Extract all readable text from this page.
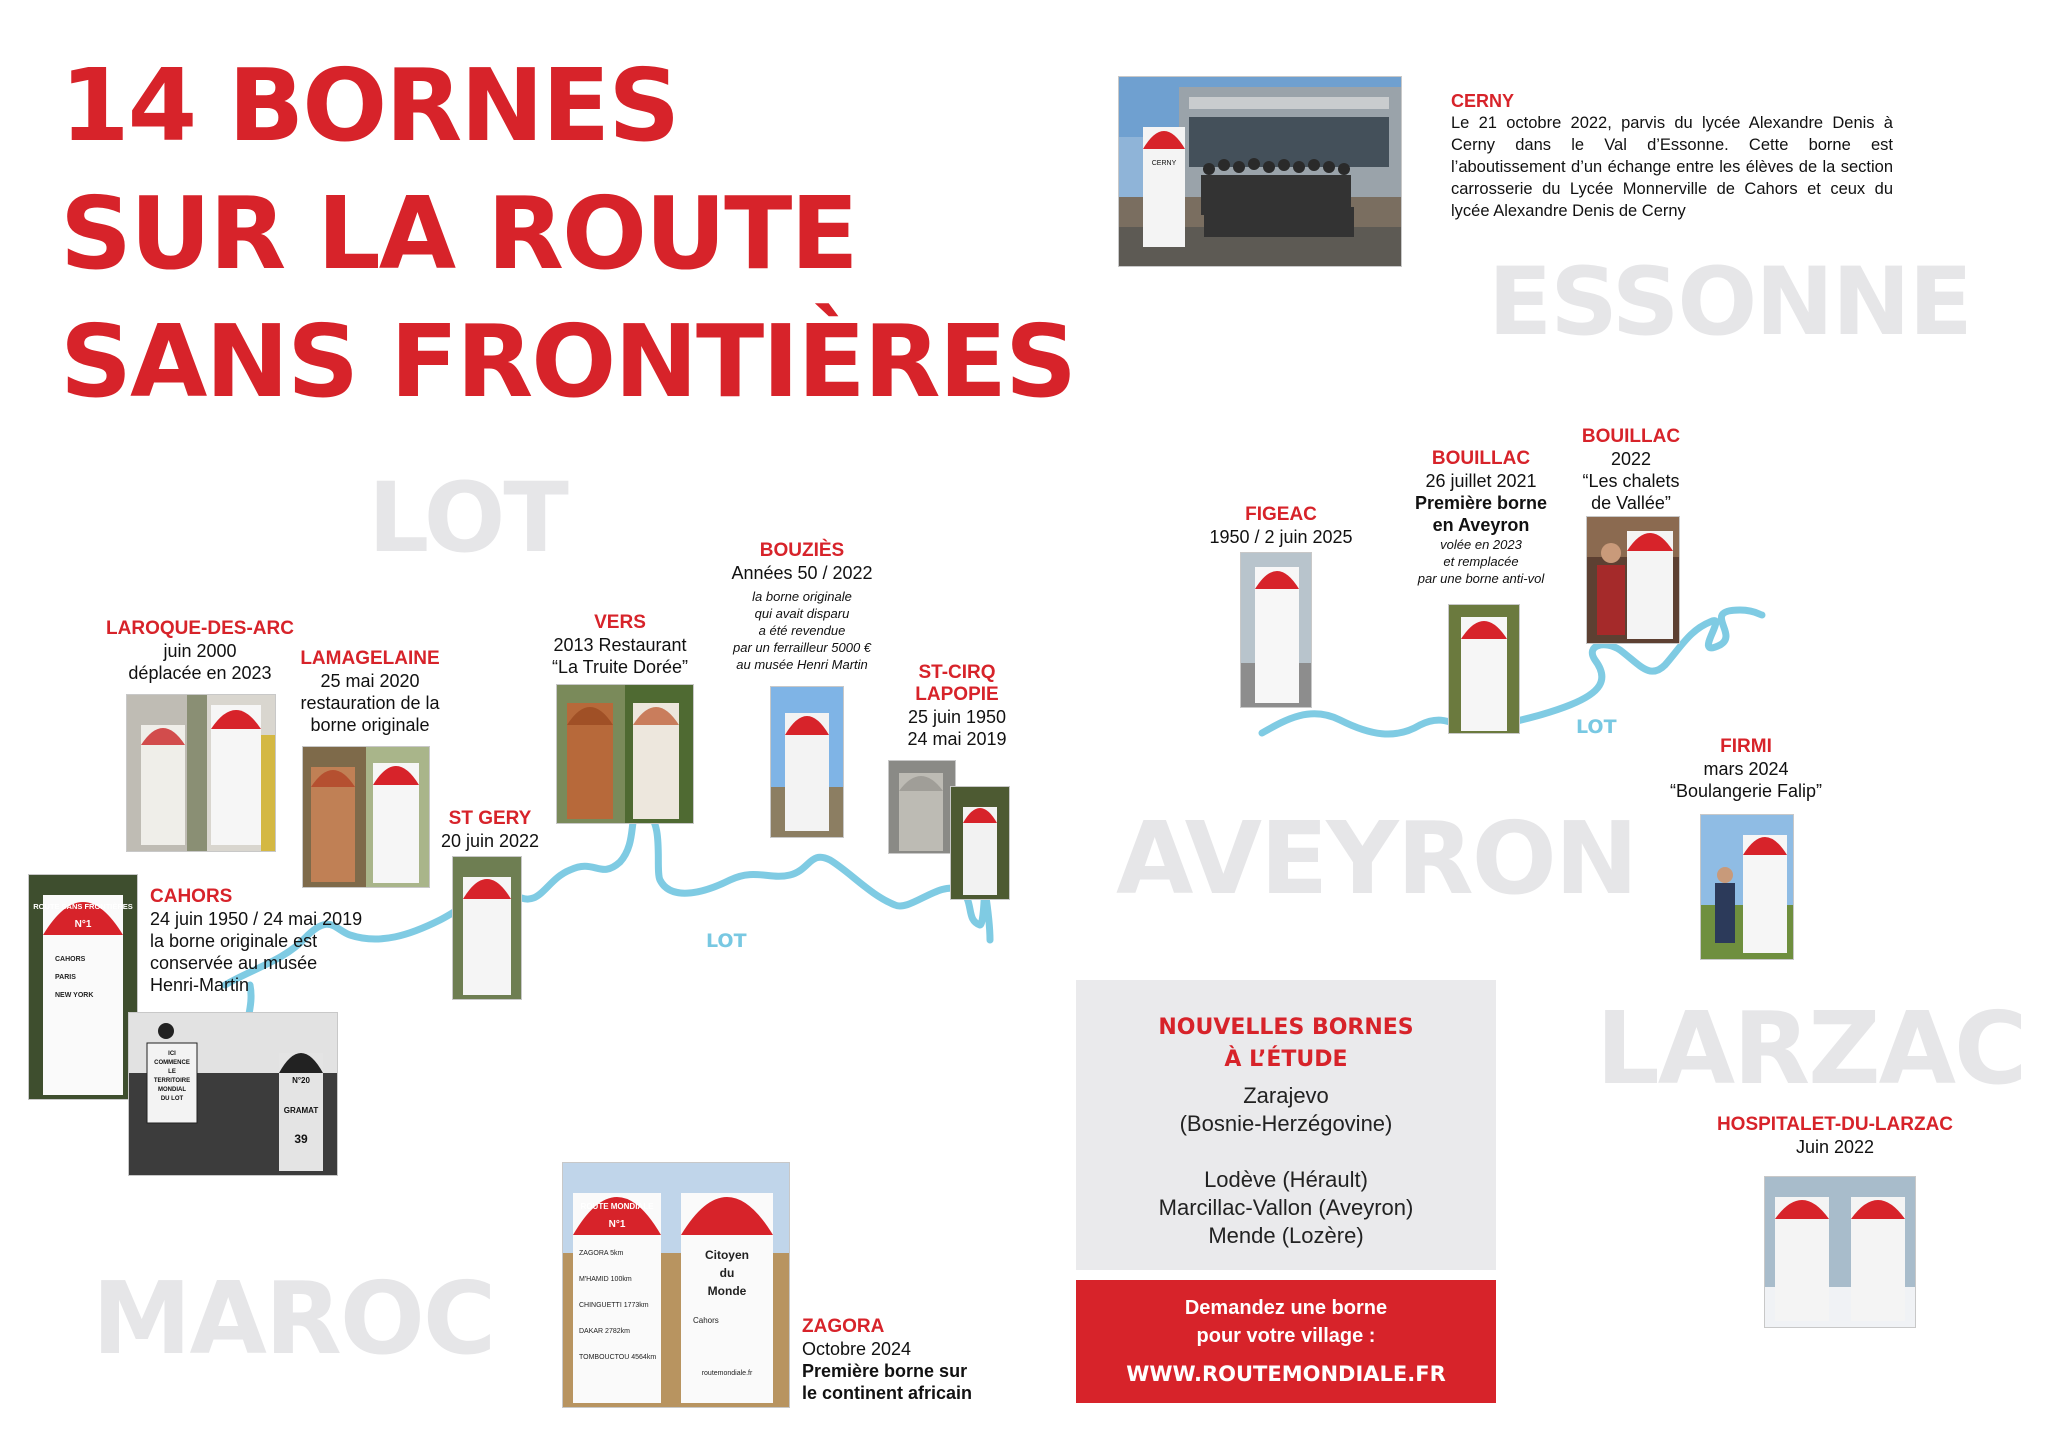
14 BORNES
SUR LA ROUTE
SANS FRONTIÈRES
LOT
ESSONNE
AVEYRON
LARZAC
MAROC
LOT
LOT
CERNY
CERNY
Le 21 octobre 2022, parvis du lycée Alexandre Denis à Cerny dans le Val d’Essonne. Cette borne est l’aboutissement d’un échange entre les élèves de la section carrosserie du Lycée Monnerville de Cahors et ceux du lycée Alexandre Denis de Cerny
LAROQUE-DES-ARC
juin 2000
déplacée en 2023
LAMAGELAINE
25 mai 2020
restauration de la
borne originale
VERS
2013 Restaurant
“La Truite Dorée”
BOUZIÈS
Années 50 / 2022
la borne originale
qui avait disparu
a été revendue
par un ferrailleur 5000 €
au musée Henri Martin	ST-CIRQ
LAPOPIE
25 juin 1950
24 mai 2019
ST GERY
20 juin 2022
ROUTE SANS FRONTIÈRES
N°1
CAHORS
PARIS
NEW YORK
CAHORS
24 juin 1950 / 24 mai 2019
la borne originale est
conservée au musée
Henri-Martin
ICI
COMMENCE
LE
TERRITOIRE
MONDIAL
DU LOT
N°20
GRAMAT
39
FIGEAC
1950 / 2 juin 2025
BOUILLAC
26 juillet 2021
Première borne
en Aveyron
volée en 2023
et remplacée
par une borne anti-vol
BOUILLAC
2022
“Les chalets
de Vallée”
FIRMI
mars 2024
“Boulangerie Falip”
HOSPITALET-DU-LARZAC
Juin 2022
ROUTE MONDIALE
N°1
ZAGORA 5km
M'HAMID 100km
CHINGUETTI 1773km
DAKAR 2782km
TOMBOUCTOU 4564km
Citoyen
du
Monde
Cahors
routemondiale.fr
ZAGORA
Octobre 2024
Première borne sur
le continent africain
NOUVELLES BORNES
À L’ÉTUDE
Zarajevo
(Bosnie-Herzégovine)
Lodève (Hérault)
Marcillac-Vallon (Aveyron)
Mende (Lozère)
Demandez une borne
pour votre village :
WWW.ROUTEMONDIALE.FR
